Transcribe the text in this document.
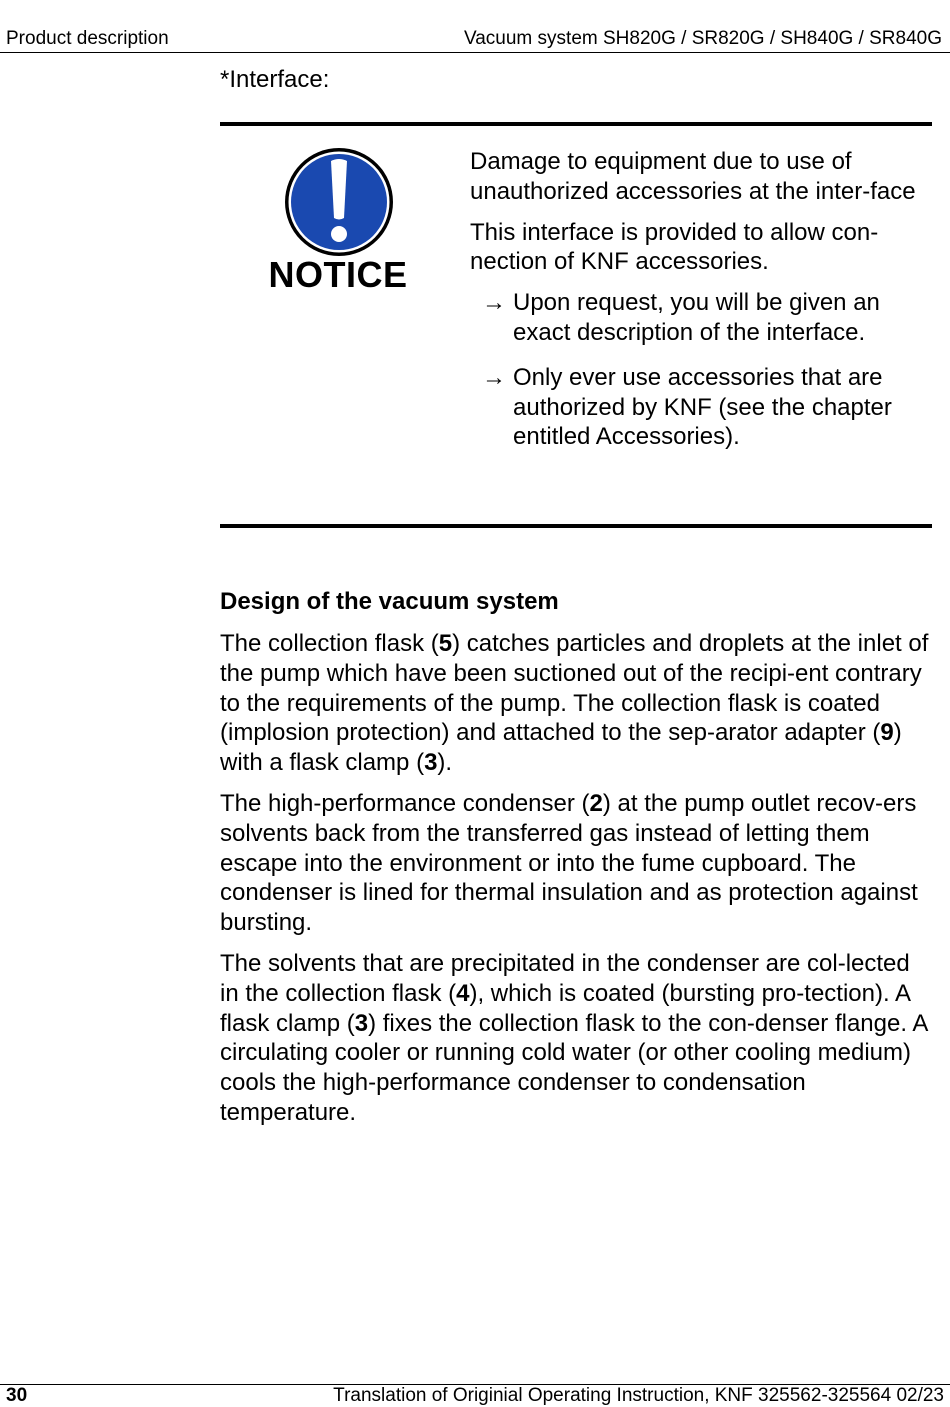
Product description	Vacuum system SH820G / SR820G / SH840G / SR840G
*Interface:
NOTICE

Damage to equipment due to use of unauthorized accessories at the inter-face

This interface is provided to allow con-nection of KNF accessories.

→ Upon request, you will be given an exact description of the interface.
→ Only ever use accessories that are authorized by KNF (see the chapter entitled Accessories).
Design of the vacuum system

The collection flask (5) catches particles and droplets at the inlet of the pump which have been suctioned out of the recipi-ent contrary to the requirements of the pump. The collection flask is coated (implosion protection) and attached to the sep-arator adapter (9) with a flask clamp (3).

The high-performance condenser (2) at the pump outlet recov-ers solvents back from the transferred gas instead of letting them escape into the environment or into the fume cupboard. The condenser is lined for thermal insulation and as protection against bursting.

The solvents that are precipitated in the condenser are col-lected in the collection flask (4), which is coated (bursting pro-tection). A flask clamp (3) fixes the collection flask to the con-denser flange. A circulating cooler or running cold water (or other cooling medium) cools the high-performance condenser to condensation temperature.

30	Translation of Originial Operating Instruction, KNF 325562-325564 02/23
